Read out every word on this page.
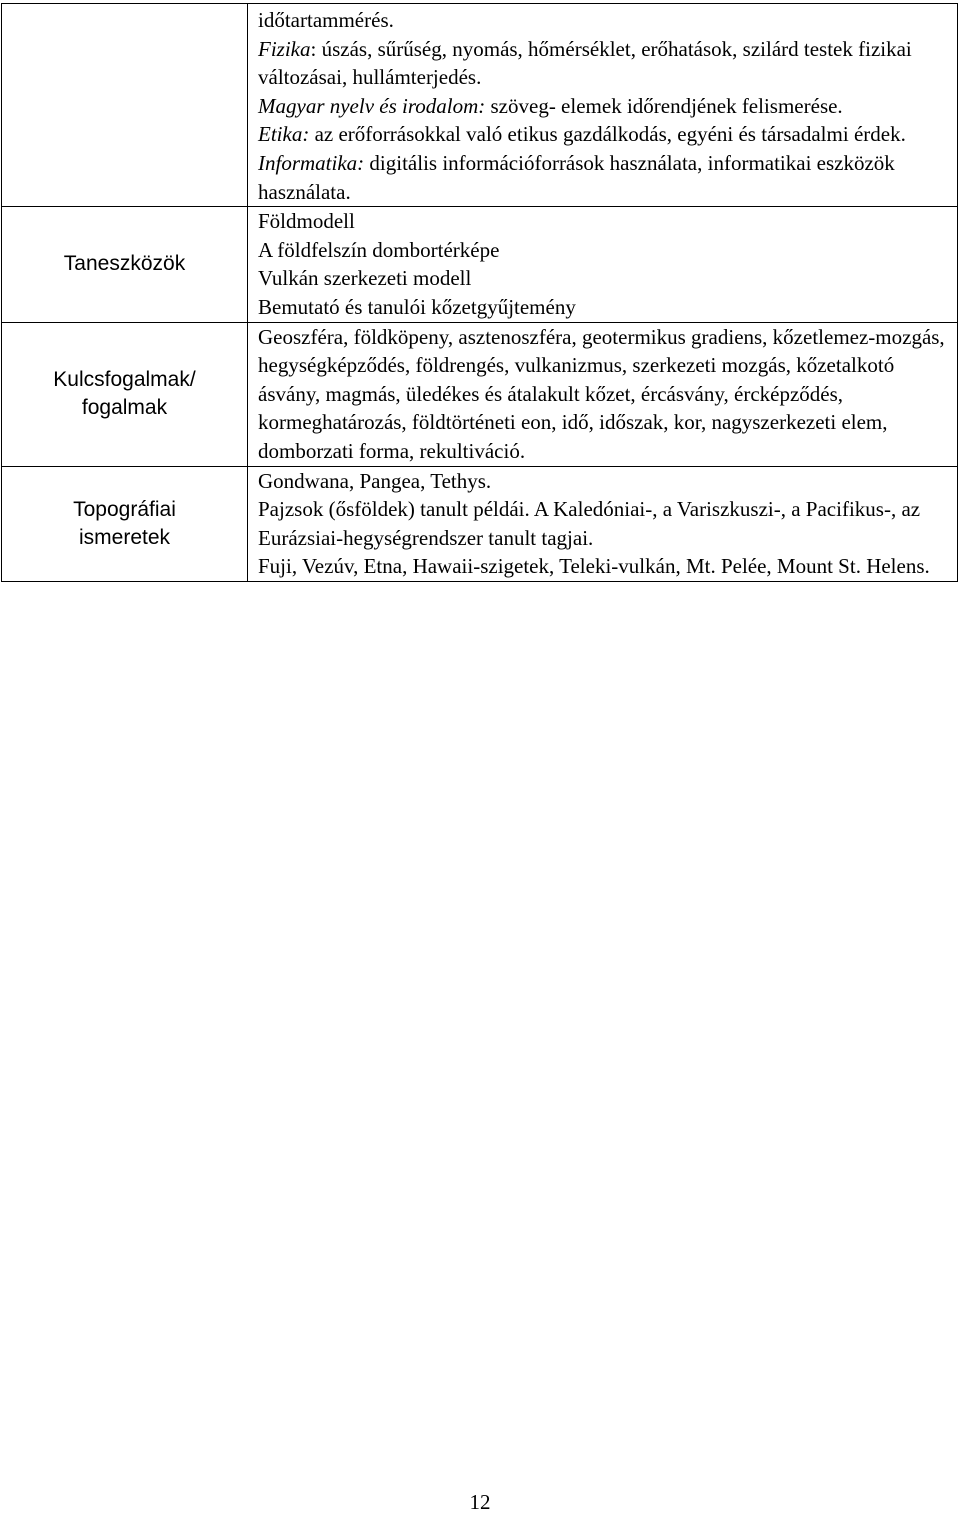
	időtartammérés.
Fizika: úszás, sűrűség, nyomás, hőmérséklet, erőhatások, szilárd testek fizikai változásai, hullámterjedés.
Magyar nyelv és irodalom: szöveg- elemek időrendjének felismerése.
Etika: az erőforrásokkal való etikus gazdálkodás, egyéni és társadalmi érdek.
Informatika: digitális információforrások használata, informatikai eszközök használata.

Taneszközök	Földmodell
A földfelszín dombortérképe
Vulkán szerkezeti modell
Bemutató és tanulói kőzetgyűjtemény

Kulcsfogalmak/
fogalmak	Geoszféra, földköpeny, asztenoszféra, geotermikus gradiens, kőzetlemez-mozgás, hegységképződés, földrengés, vulkanizmus, szerkezeti mozgás, kőzetalkotó ásvány, magmás, üledékes és átalakult kőzet, ércásvány, ércképződés, kormeghatározás, földtörténeti eon, idő, időszak, kor, nagyszerkezeti elem, domborzati forma, rekultiváció.

Topográfiai
ismeretek	Gondwana, Pangea, Tethys.
Pajzsok (ősföldek) tanult példái. A Kaledóniai-, a Variszkuszi-, a Pacifikus-, az Eurázsiai-hegységrendszer tanult tagjai.
Fuji, Vezúv, Etna, Hawaii-szigetek, Teleki-vulkán, Mt. Pelée, Mount St. Helens.
12
